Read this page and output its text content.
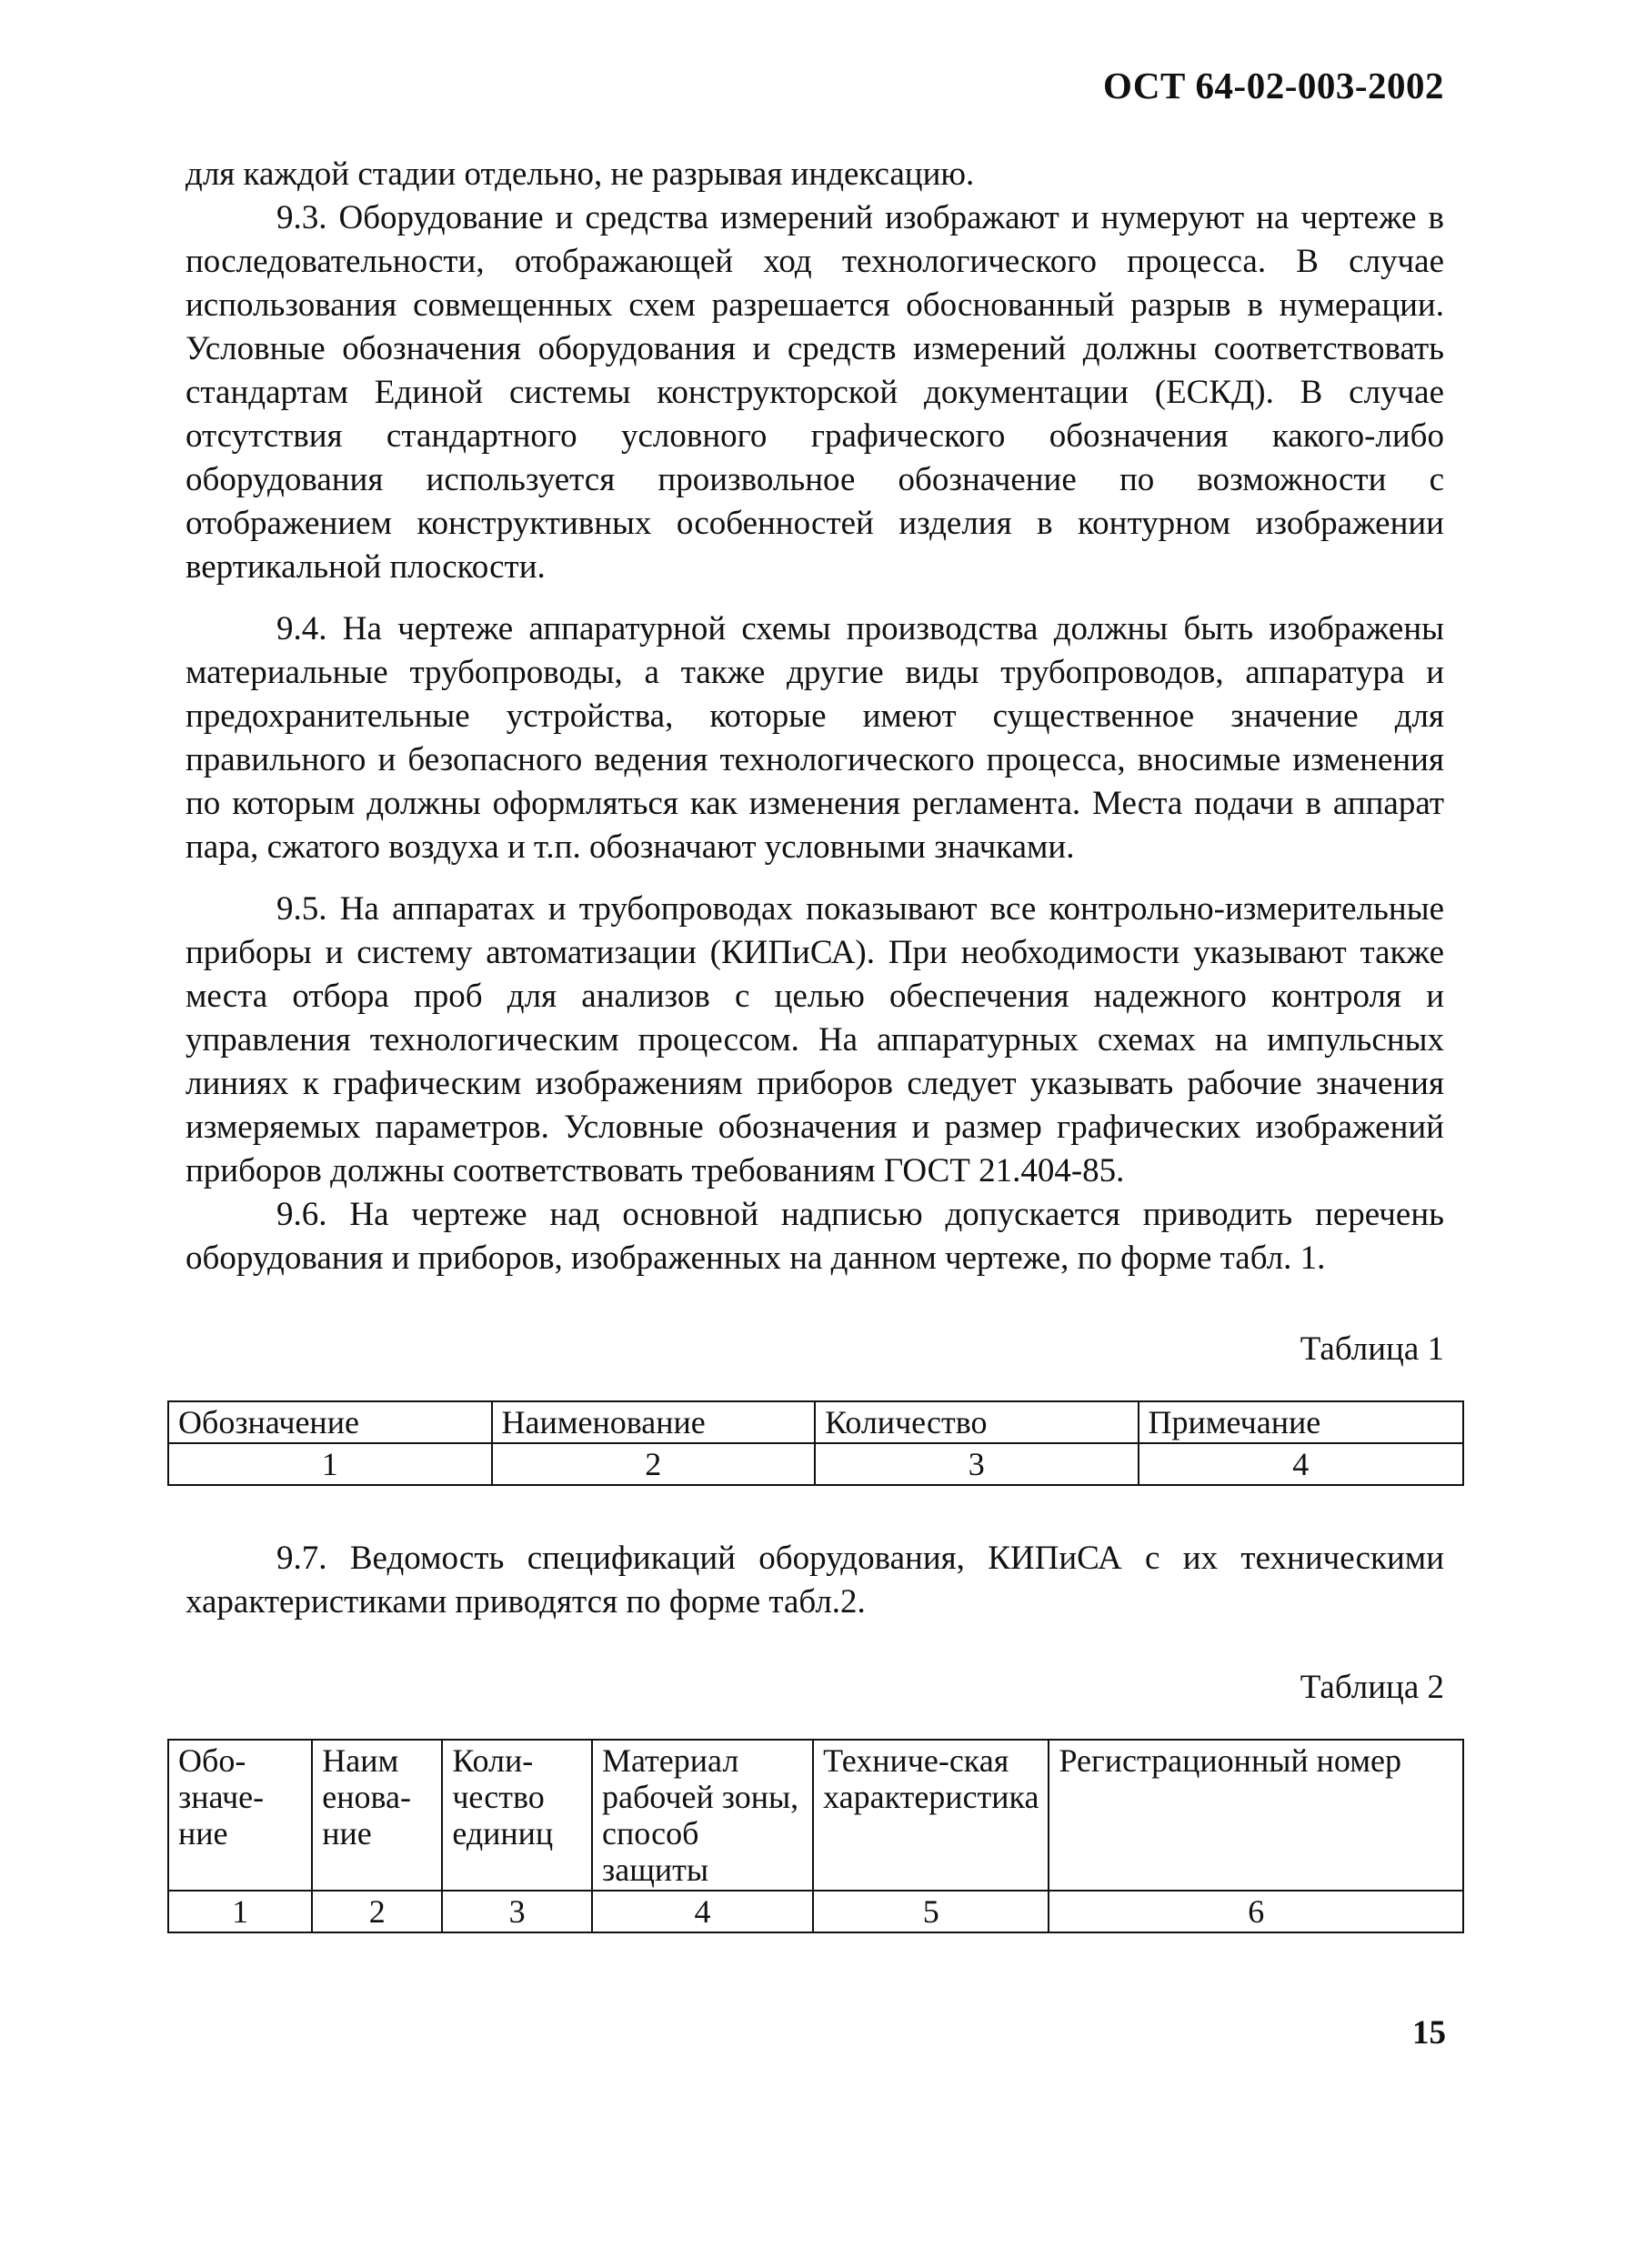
ОСТ 64-02-003-2002

для каждой стадии отдельно, не разрывая индексацию.

9.3. Оборудование и средства измерений изображают и нумеруют на чертеже в последовательности, отображающей ход технологического процесса. В случае использования совмещенных схем разрешается обоснованный разрыв в нумерации. Условные обозначения оборудования и средств измерений должны соответствовать стандартам Единой системы конструкторской документации (ЕСКД). В случае отсутствия стандартного условного графического обозначения какого-либо оборудования используется произвольное обозначение по возможности с отображением конструктивных особенностей изделия в контурном изображении вертикальной плоскости.

9.4. На чертеже аппаратурной схемы производства должны быть изображены материальные трубопроводы, а также другие виды трубопроводов, аппаратура и предохранительные устройства, которые имеют существенное значение для правильного и безопасного ведения технологического процесса, вносимые изменения по которым должны оформляться как изменения регламента. Места подачи в аппарат пара, сжатого воздуха и т.п. обозначают условными значками.

9.5. На аппаратах и трубопроводах показывают все контрольно-измерительные приборы и систему автоматизации (КИПиСА). При необходимости указывают также места отбора проб для анализов с целью обеспечения надежного контроля и управления технологическим процессом. На аппаратурных схемах на импульсных линиях к графическим изображениям приборов следует указывать рабочие значения измеряемых параметров. Условные обозначения и размер графических изображений приборов должны соответствовать требованиям ГОСТ 21.404-85.

9.6. На чертеже над основной надписью допускается приводить перечень оборудования и приборов, изображенных на данном чертеже, по форме табл. 1.

Таблица 1
Обозначение	Наименование	Количество	Примечание
1	2	3	4

9.7. Ведомость спецификаций оборудования, КИПиСА с их техническими характеристиками приводятся по форме табл.2.

Таблица 2
Обо-значе-ние	Наим енова-ние	Коли-чество единиц	Материал рабочей зоны, способ защиты	Техниче-ская характеристика	Регистрационный номер
1	2	3	4	5	6
15
